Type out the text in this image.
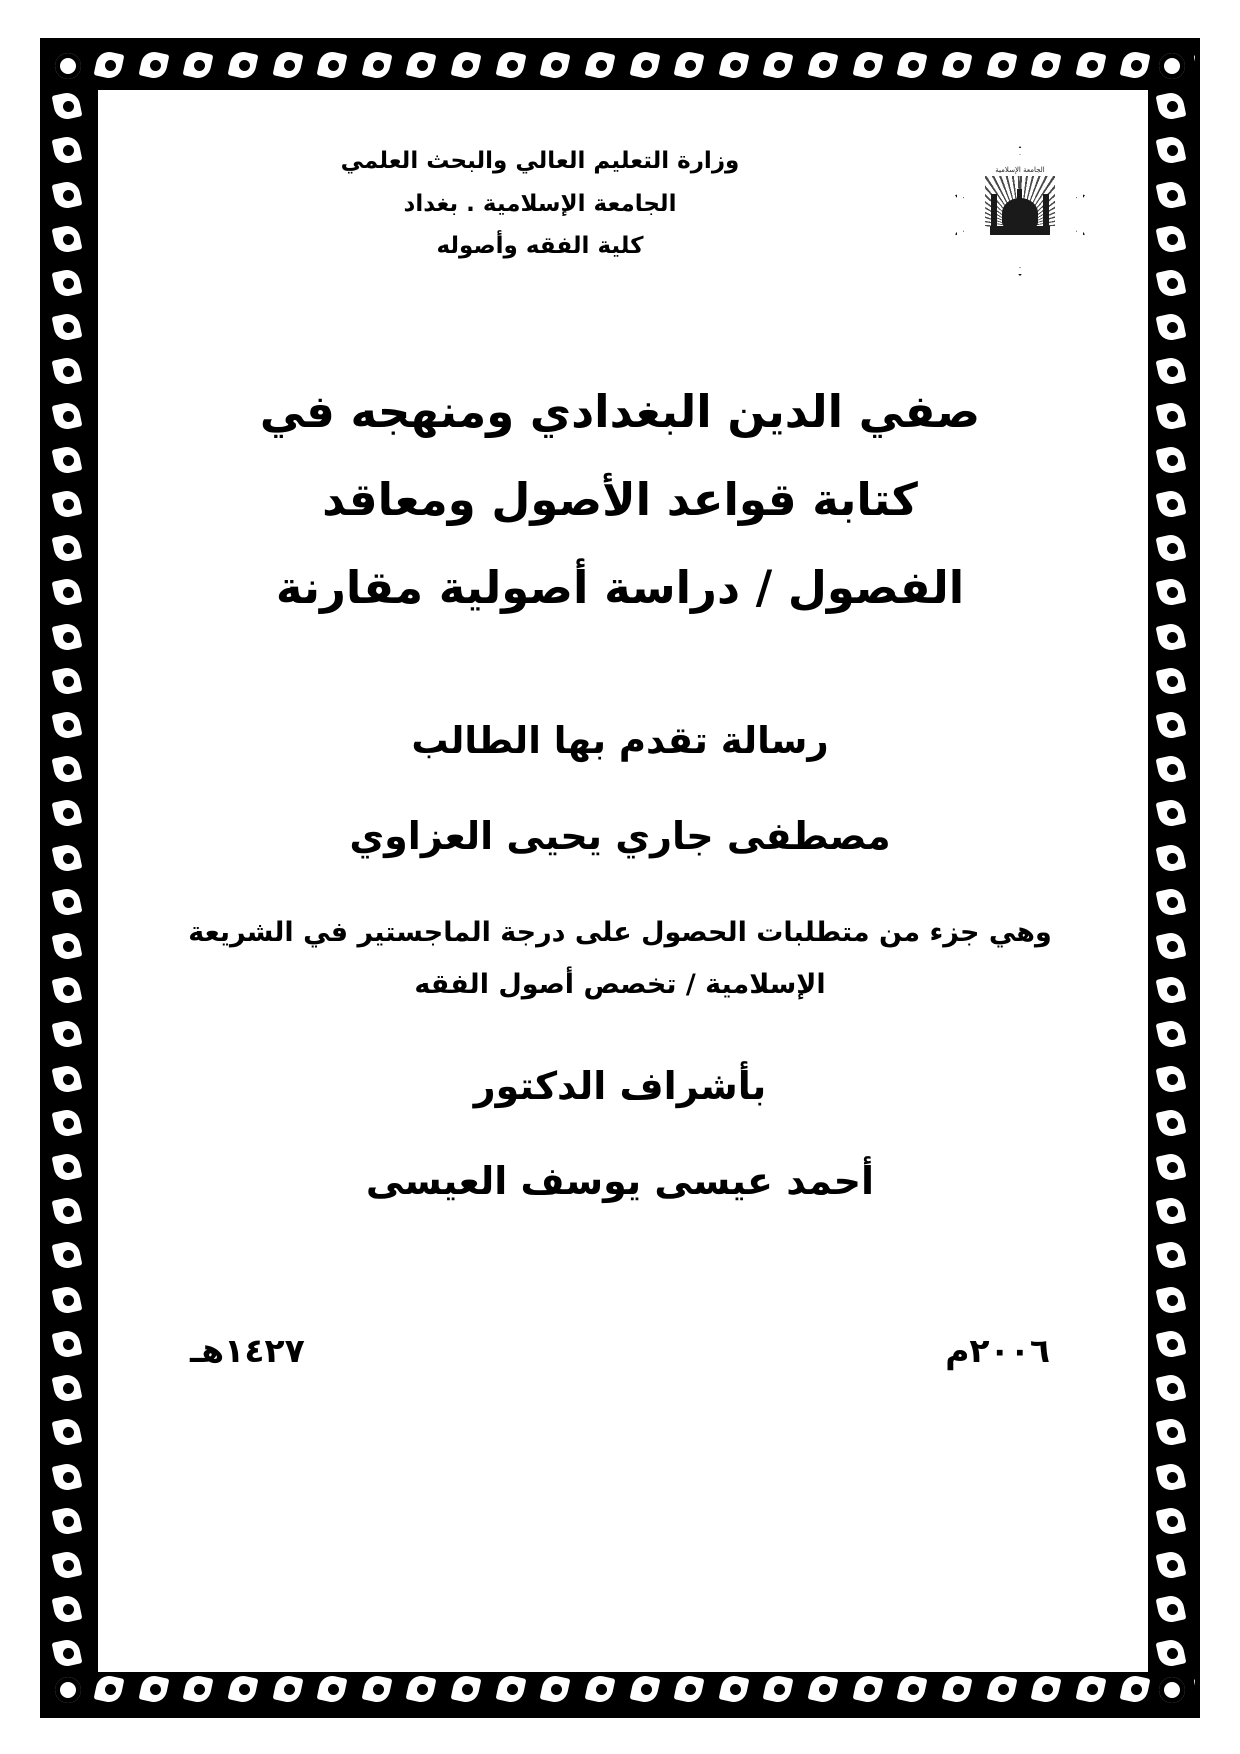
وزارة التعليم العالي والبحث العلمي
الجامعة الإسلامية . بغداد
كلية الفقه وأصوله
الجامعة الإسلامية
صفي الدين البغدادي ومنهجه في
كتابة قواعد الأصول ومعاقد
الفصول / دراسة أصولية مقارنة
رسالة تقدم بها الطالب
مصطفى جاري يحيى العزاوي
وهي جزء من متطلبات الحصول على درجة الماجستير في الشريعة
الإسلامية / تخصص أصول الفقه
بأشراف الدكتور
أحمد عيسى يوسف العيسى
٢٠٠٦م
١٤٢٧هـ
أ
